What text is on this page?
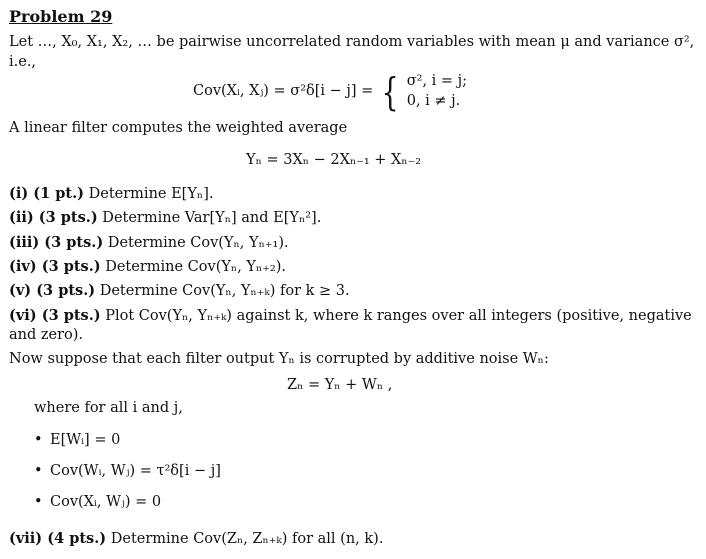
Problem 29
Let …, X₀, X₁, X₂, … be pairwise uncorrelated random variables with mean μ and variance σ²,
i.e.,
Cov(Xᵢ, Xⱼ) = σ²δ[i − j] = { σ², i = j;
0, i ≠ j.
A linear filter computes the weighted average
Yₙ = 3Xₙ − 2Xₙ₋₁ + Xₙ₋₂
(i) (1 pt.) Determine E[Yₙ].
(ii) (3 pts.) Determine Var[Yₙ] and E[Yₙ²].
(iii) (3 pts.) Determine Cov(Yₙ, Yₙ₊₁).
(iv) (3 pts.) Determine Cov(Yₙ, Yₙ₊₂).
(v) (3 pts.) Determine Cov(Yₙ, Yₙ₊ₖ) for k ≥ 3.
(vi) (3 pts.) Plot Cov(Yₙ, Yₙ₊ₖ) against k, where k ranges over all integers (positive, negative
and zero).
Now suppose that each filter output Yₙ is corrupted by additive noise Wₙ:
Zₙ = Yₙ + Wₙ ,
where for all i and j,
• E[Wᵢ] = 0
• Cov(Wᵢ, Wⱼ) = τ²δ[i − j]
• Cov(Xᵢ, Wⱼ) = 0
(vii) (4 pts.) Determine Cov(Zₙ, Zₙ₊ₖ) for all (n, k).
